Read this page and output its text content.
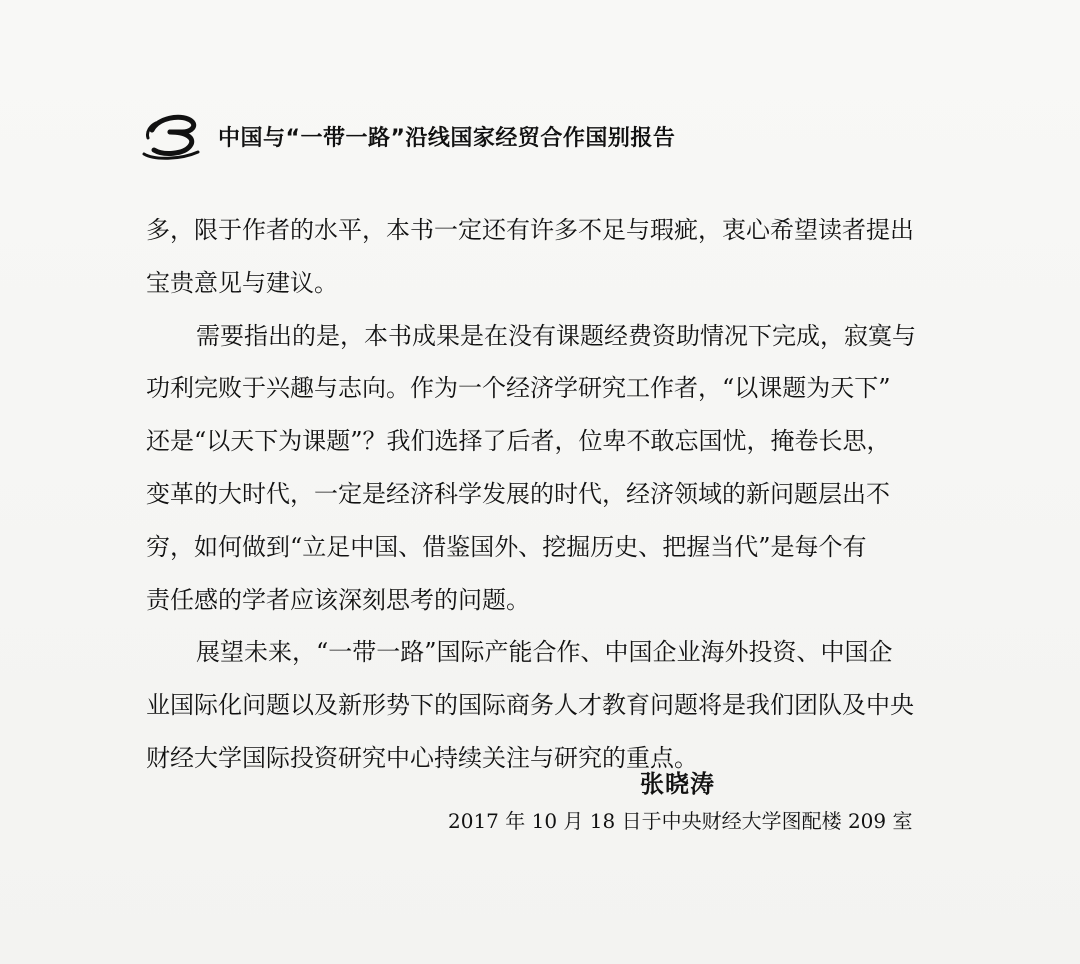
中国与“一带一路”沿线国家经贸合作国别报告
多，限于作者的水平，本书一定还有许多不足与瑕疵，衷心希望读者提出
宝贵意见与建议。
需要指出的是，本书成果是在没有课题经费资助情况下完成，寂寞与
功利完败于兴趣与志向。作为一个经济学研究工作者，“以课题为天下”
还是“以天下为课题”？我们选择了后者，位卑不敢忘国忧，掩卷长思，
变革的大时代，一定是经济科学发展的时代，经济领域的新问题层出不
穷，如何做到“立足中国、借鉴国外、挖掘历史、把握当代”是每个有
责任感的学者应该深刻思考的问题。
展望未来，“一带一路”国际产能合作、中国企业海外投资、中国企
业国际化问题以及新形势下的国际商务人才教育问题将是我们团队及中央
财经大学国际投资研究中心持续关注与研究的重点。
张晓涛
2017 年 10 月 18 日于中央财经大学图配楼 209 室
